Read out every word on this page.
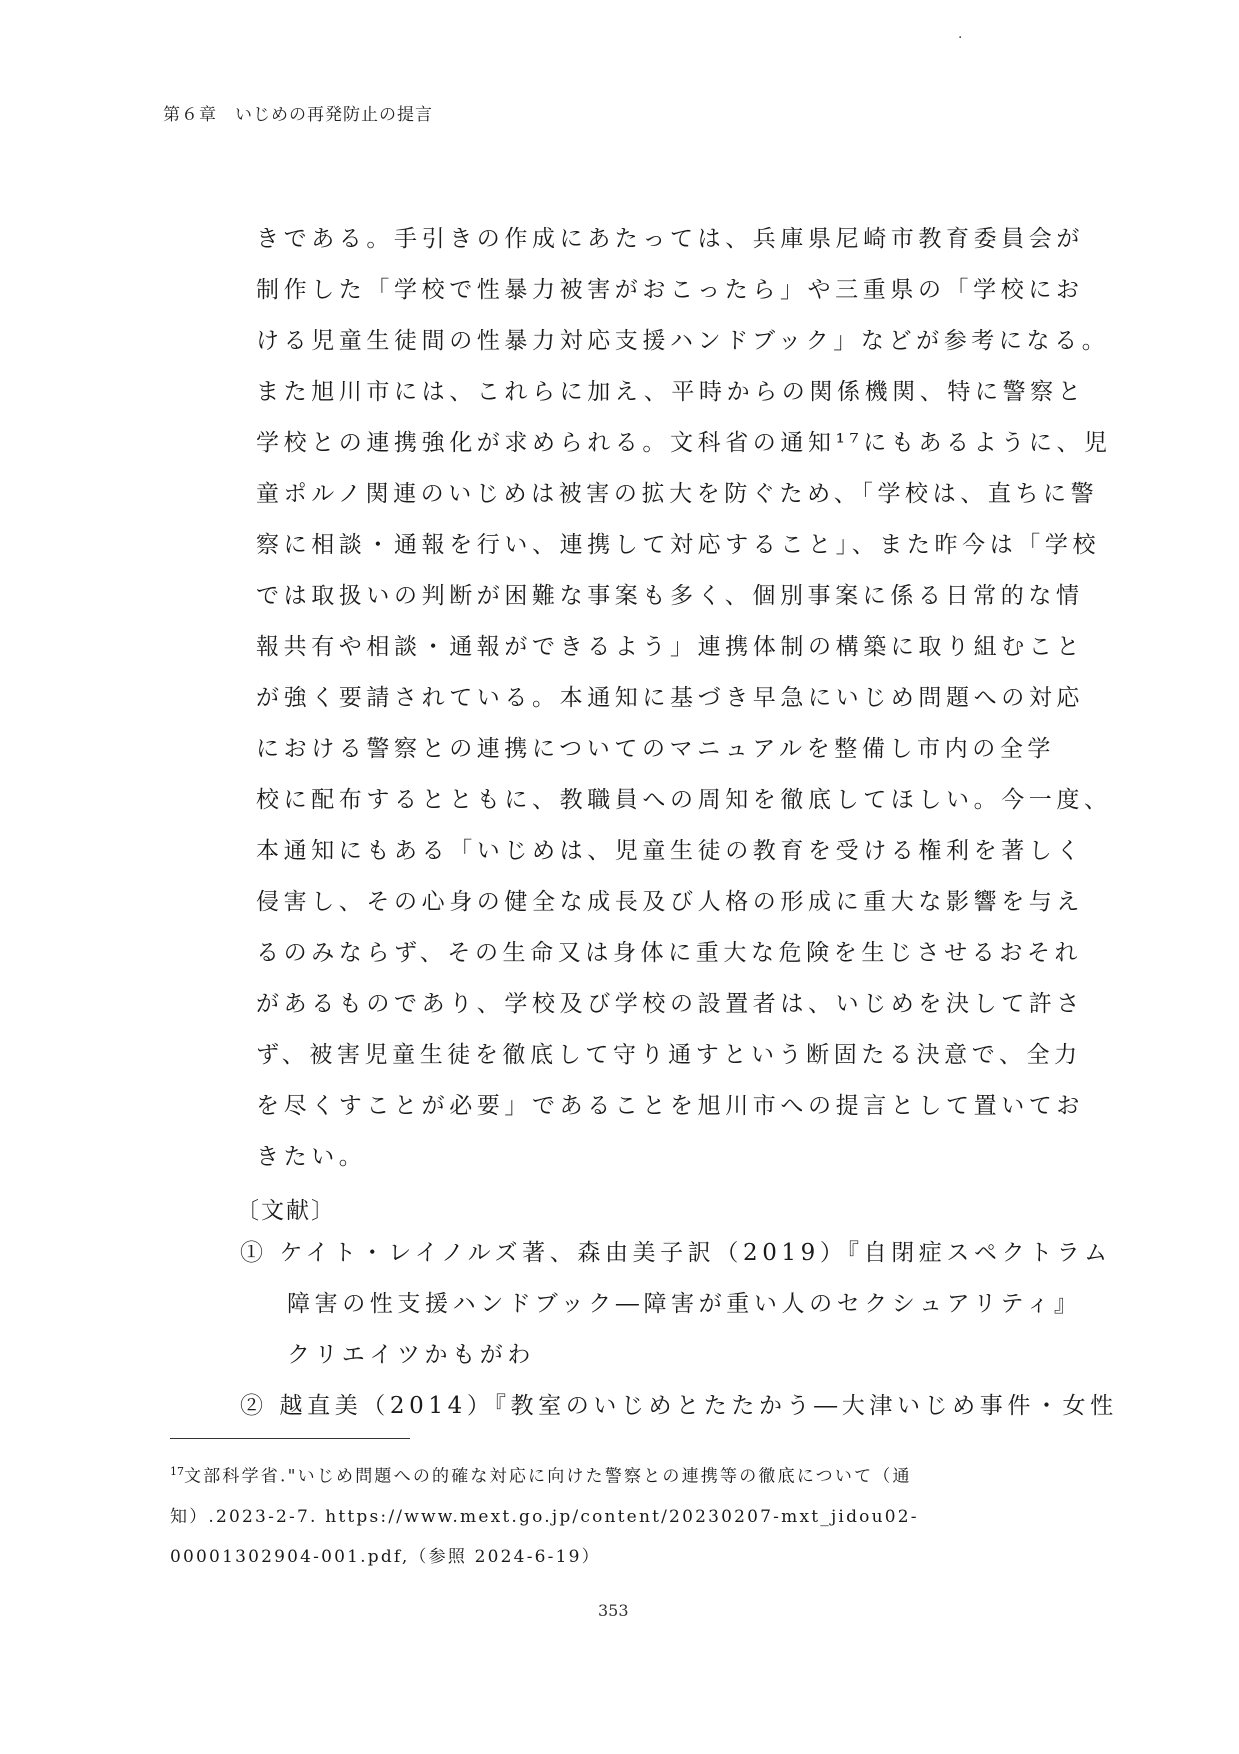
·
第６章　いじめの再発防止の提言
きである。手引きの作成にあたっては、兵庫県尼崎市教育委員会が
制作した「学校で性暴力被害がおこったら」や三重県の「学校にお
ける児童生徒間の性暴力対応支援ハンドブック」などが参考になる。
また旭川市には、これらに加え、平時からの関係機関、特に警察と
学校との連携強化が求められる。文科省の通知¹⁷にもあるように、児
童ポルノ関連のいじめは被害の拡大を防ぐため、「学校は、直ちに警
察に相談・通報を行い、連携して対応すること」、また昨今は「学校
では取扱いの判断が困難な事案も多く、個別事案に係る日常的な情
報共有や相談・通報ができるよう」連携体制の構築に取り組むこと
が強く要請されている。本通知に基づき早急にいじめ問題への対応
における警察との連携についてのマニュアルを整備し市内の全学
校に配布するとともに、教職員への周知を徹底してほしい。今一度、
本通知にもある「いじめは、児童生徒の教育を受ける権利を著しく
侵害し、その心身の健全な成長及び人格の形成に重大な影響を与え
るのみならず、その生命又は身体に重大な危険を生じさせるおそれ
があるものであり、学校及び学校の設置者は、いじめを決して許さ
ず、被害児童生徒を徹底して守り通すという断固たる決意で、全力
を尽くすことが必要」であることを旭川市への提言として置いてお
きたい。
〔文献〕
① ケイト・レイノルズ著、森由美子訳（2019）『自閉症スペクトラム
障害の性支援ハンドブック―障害が重い人のセクシュアリティ』
クリエイツかもがわ
② 越直美（2014）『教室のいじめとたたかう―大津いじめ事件・女性
$^{17}$文部科学省."いじめ問題への的確な対応に向けた警察との連携等の徹底について（通
知）.2023-2-7. https://www.mext.go.jp/content/20230207-mxt_jidou02-
00001302904-001.pdf,（参照 2024-6-19）
353
